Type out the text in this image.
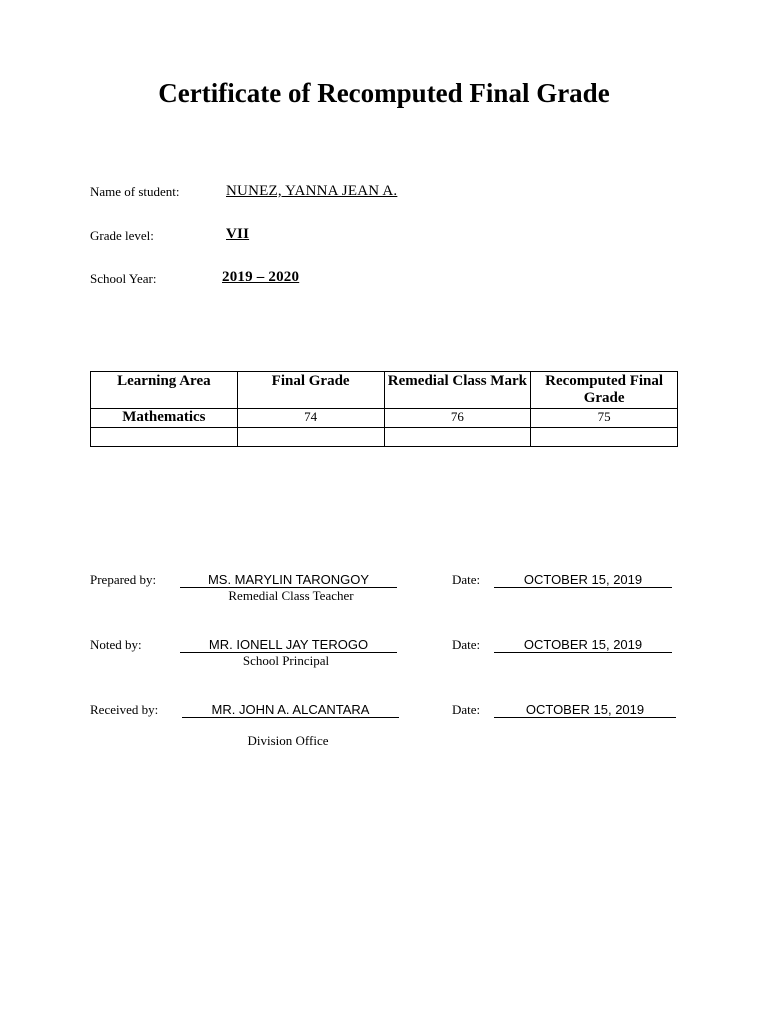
Certificate of Recomputed Final Grade
Name of student:	NUNEZ, YANNA JEAN A.
Grade level:	VII
School Year:	2019 – 2020
Learning Area	Final Grade	Remedial Class Mark	Recomputed Final Grade
Mathematics	74	76	75

Prepared by:	MS. MARYLIN TARONGOY
Remedial Class Teacher
Date:	OCTOBER 15, 2019
Noted by:	MR. IONELL JAY TEROGO
School Principal
Date:	OCTOBER 15, 2019
Received by:	MR. JOHN A. ALCANTARA
Division Office
Date:	OCTOBER 15, 2019
